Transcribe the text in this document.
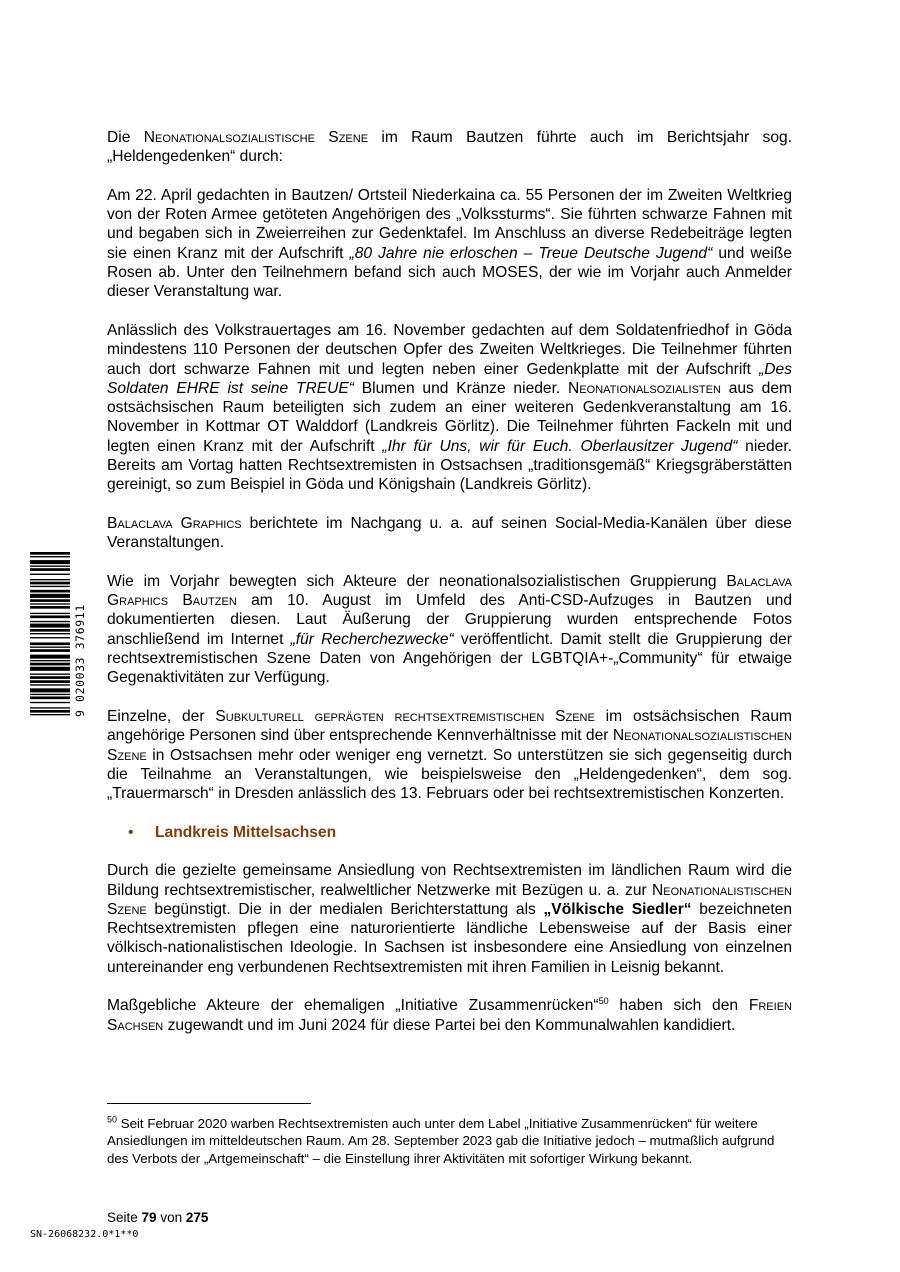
9 020033 376911

Die Neonationalsozialistische Szene im Raum Bautzen führte auch im Berichtsjahr sog. „Heldengedenken“ durch:

Am 22. April gedachten in Bautzen/ Ortsteil Niederkaina ca. 55 Personen der im Zweiten Weltkrieg von der Roten Armee getöteten Angehörigen des „Volkssturms“. Sie führten schwarze Fahnen mit und begaben sich in Zweierreihen zur Gedenktafel. Im Anschluss an diverse Redebeiträge legten sie einen Kranz mit der Aufschrift „80 Jahre nie erloschen – Treue Deutsche Jugend“ und weiße Rosen ab. Unter den Teilnehmern befand sich auch MOSES, der wie im Vorjahr auch Anmelder dieser Veranstaltung war.

Anlässlich des Volkstrauertages am 16. November gedachten auf dem Soldatenfriedhof in Göda mindestens 110 Personen der deutschen Opfer des Zweiten Weltkrieges. Die Teilnehmer führten auch dort schwarze Fahnen mit und legten neben einer Gedenkplatte mit der Aufschrift „Des Soldaten EHRE ist seine TREUE“ Blumen und Kränze nieder. Neonationalsozialisten aus dem ostsächsischen Raum beteiligten sich zudem an einer weiteren Gedenkveranstaltung am 16. November in Kottmar OT Walddorf (Landkreis Görlitz). Die Teilnehmer führten Fackeln mit und legten einen Kranz mit der Aufschrift „Ihr für Uns, wir für Euch. Oberlausitzer Jugend“ nieder. Bereits am Vortag hatten Rechtsextremisten in Ostsachsen „traditionsgemäß“ Kriegsgräberstätten gereinigt, so zum Beispiel in Göda und Königshain (Landkreis Görlitz).

Balaclava Graphics berichtete im Nachgang u. a. auf seinen Social-Media-Kanälen über diese Veranstaltungen.

Wie im Vorjahr bewegten sich Akteure der neonationalsozialistischen Gruppierung Balaclava Graphics Bautzen am 10. August im Umfeld des Anti-CSD-Aufzuges in Bautzen und dokumentierten diesen. Laut Äußerung der Gruppierung wurden entsprechende Fotos anschließend im Internet „für Recherchezwecke“ veröffentlicht. Damit stellt die Gruppierung der rechtsextremistischen Szene Daten von Angehörigen der LGBTQIA+-„Community“ für etwaige Gegenaktivitäten zur Verfügung.

Einzelne, der Subkulturell geprägten rechtsextremistischen Szene im ostsächsischen Raum angehörige Personen sind über entsprechende Kennverhältnisse mit der Neonationalsozialistischen Szene in Ostsachsen mehr oder weniger eng vernetzt. So unterstützen sie sich gegenseitig durch die Teilnahme an Veranstaltungen, wie beispielsweise den „Heldengedenken“, dem sog. „Trauermarsch“ in Dresden anlässlich des 13. Februars oder bei rechtsextremistischen Konzerten.

•	Landkreis Mittelsachsen

Durch die gezielte gemeinsame Ansiedlung von Rechtsextremisten im ländlichen Raum wird die Bildung rechtsextremistischer, realweltlicher Netzwerke mit Bezügen u. a. zur Neonationalistischen Szene begünstigt. Die in der medialen Berichterstattung als „Völkische Siedler“ bezeichneten Rechtsextremisten pflegen eine naturorientierte ländliche Lebensweise auf der Basis einer völkisch-nationalistischen Ideologie. In Sachsen ist insbesondere eine Ansiedlung von einzelnen untereinander eng verbundenen Rechtsextremisten mit ihren Familien in Leisnig bekannt.

Maßgebliche Akteure der ehemaligen „Initiative Zusammenrücken“$^{50}$ haben sich den Freien Sachsen zugewandt und im Juni 2024 für diese Partei bei den Kommunalwahlen kandidiert.

$^{50}$ Seit Februar 2020 warben Rechtsextremisten auch unter dem Label „Initiative Zusammenrücken“ für weitere Ansiedlungen im mitteldeutschen Raum. Am 28. September 2023 gab die Initiative jedoch – mutmaßlich aufgrund des Verbots der „Artgemeinschaft“ – die Einstellung ihrer Aktivitäten mit sofortiger Wirkung bekannt.
Seite 79 von 275
SN-26068232.0*1**0
